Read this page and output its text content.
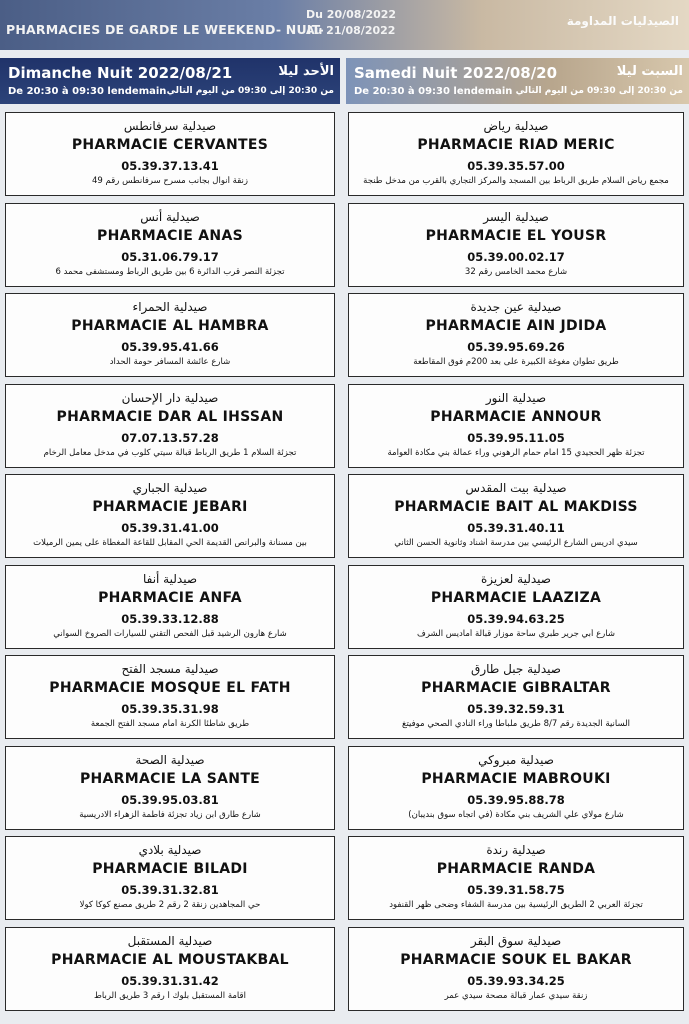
PHARMACIES DE GARDE LE WEEKEND- NUIT-
Du 20/08/2022
Au 21/08/2022
الصيدليات المداومة
Dimanche Nuit 2022/08/21
De 20:30 à 09:30 lendemain
الأحد ليلا
من 20:30 إلى 09:30 من اليوم التالي
Samedi Nuit 2022/08/20
De 20:30 à 09:30 lendemain
السبت ليلا
من 20:30 إلى 09:30 من اليوم التالي
صيدلية سرفانطس
PHARMACIE CERVANTES
05.39.37.13.41
زنقة أنوال بجانب مسرح سرفانطس رقم 49
صيدلية أنس
PHARMACIE ANAS
05.31.06.79.17
تجزئة النصر قرب الدائرة 6 بين طريق الرباط ومستشفى محمد 6
صيدلية الحمراء
PHARMACIE AL HAMBRA
05.39.95.41.66
شارع عائشة المسافر حومة الحداد
صيدلية دار الإحسان
PHARMACIE DAR AL IHSSAN
07.07.13.57.28
تجزئة السلام 1 طريق الرباط قبالة سيتي كلوب في مدخل معامل الرخام
صيدلية الجباري
PHARMACIE JEBARI
05.39.31.41.00
بين مسنانة والبرانص القديمة الحي المقابل للقاعة المغطاة على يمين الرميلات
صيدلية أنفا
PHARMACIE ANFA
05.39.33.12.88
شارع هارون الرشيد قبل الفحص التقني للسيارات الصروخ السواني
صيدلية مسجد الفتح
PHARMACIE MOSQUE EL FATH
05.39.35.31.98
طريق شاطئا الكرنة أمام مسجد الفتح الجمعة
صيدلية الصحة
PHARMACIE LA SANTE
05.39.95.03.81
شارع طارق ابن زياد تجزئة فاطمة الزهراء الادريسية
صيدلية بلادي
PHARMACIE BILADI
05.39.31.32.81
حي المجاهدين زنقة 2 رقم 2 طريق مصنع كوكا كولا
صيدلية المستقبل
PHARMACIE AL MOUSTAKBAL
05.39.31.31.42
اقامة المستقبل بلوك أ رقم 3 طريق الرباط
صيدلية رياض
PHARMACIE RIAD MERIC
05.39.35.57.00
مجمع رياض السلام طريق الرباط بين المسجد والمركز التجاري بالقرب من مدخل طنجة
صيدلية اليسر
PHARMACIE EL YOUSR
05.39.00.02.17
شارع محمد الخامس رقم 32
صيدلية عين جديدة
PHARMACIE AIN JDIDA
05.39.95.69.26
طريق تطوان مغوغة الكبيرة على بعد 200م فوق المقاطعة
صيدلية النور
PHARMACIE ANNOUR
05.39.95.11.05
تجزئة ظهر الحجيدي 15 امام حمام الرهوني وراء عمالة بني مكادة العوامة
صيدلية بيت المقدس
PHARMACIE BAIT AL MAKDISS
05.39.31.40.11
سيدي ادريس الشارع الرئيسي بين مدرسة أشناد وثانوية الحسن الثاني
صيدلية لعزيزة
PHARMACIE LAAZIZA
05.39.94.63.25
شارع أبي جرير طبري ساحة موزار قبالة أماديس الشرف
صيدلية جبل طارق
PHARMACIE GIBRALTAR
05.39.32.59.31
السانية الجديدة رقم 8/7 طريق ملباطا وراء النادي الصحي موفيتغ
صيدلية مبروكي
PHARMACIE MABROUKI
05.39.95.88.78
شارع مولاي علي الشريف بني مكادة (في اتجاه سوق بنديبان)
صيدلية رندة
PHARMACIE RANDA
05.39.31.58.75
تجزئة العربي 2 الطريق الرئيسية بين مدرسة الشفاء وضحى ظهر القنفود
صيدلية سوق البقر
PHARMACIE SOUK EL BAKAR
05.39.93.34.25
زنقة سيدي عمار قبالة مصحة سيدي عمر
